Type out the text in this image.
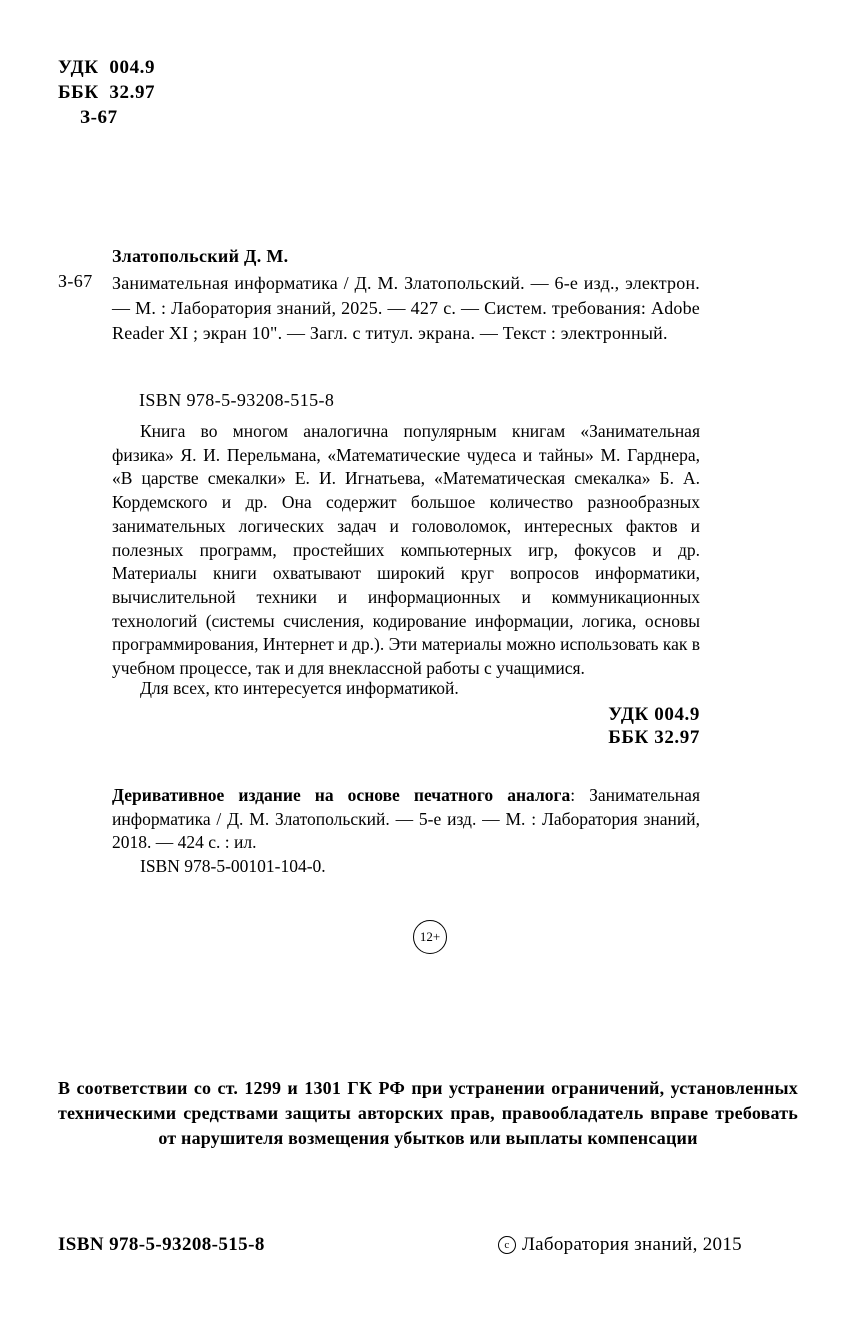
УДК  004.9
ББК  32.97
З-67
Златопольский Д. М.
З-67 Занимательная информатика / Д. М. Златопольский. — 6-е изд., электрон. — М. : Лаборатория знаний, 2025. — 427 с. — Систем. требования: Adobe Reader XI ; экран 10". — Загл. с титул. экрана. — Текст : электронный.
ISBN 978-5-93208-515-8

Книга во многом аналогична популярным книгам «Занимательная физика» Я. И. Перельмана, «Математические чудеса и тайны» М. Гарднера, «В царстве смекалки» Е. И. Игнатьева, «Математическая смекалка» Б. А. Кордемского и др. Она содержит большое количество разнообразных занимательных логических задач и головоломок, интересных фактов и полезных программ, простейших компьютерных игр, фокусов и др. Материалы книги охватывают широкий круг вопросов информатики, вычислительной техники и информационных и коммуникационных технологий (системы счисления, кодирование информации, логика, основы программирования, Интернет и др.). Эти материалы можно использовать как в учебном процессе, так и для внеклассной работы с учащимися.

Для всех, кто интересуется информатикой.
УДК 004.9
ББК 32.97
Деривативное издание на основе печатного аналога: Занимательная информатика / Д. М. Златопольский. — 5-е изд. — М. : Лаборатория знаний, 2018. — 424 с. : ил.
ISBN 978-5-00101-104-0.
12+
В соответствии со ст. 1299 и 1301 ГК РФ при устранении ограничений, установленных техническими средствами защиты авторских прав, правообладатель вправе требовать от нарушителя возмещения убытков или выплаты компенсации
ISBN 978-5-93208-515-8	c Лаборатория знаний, 2015
